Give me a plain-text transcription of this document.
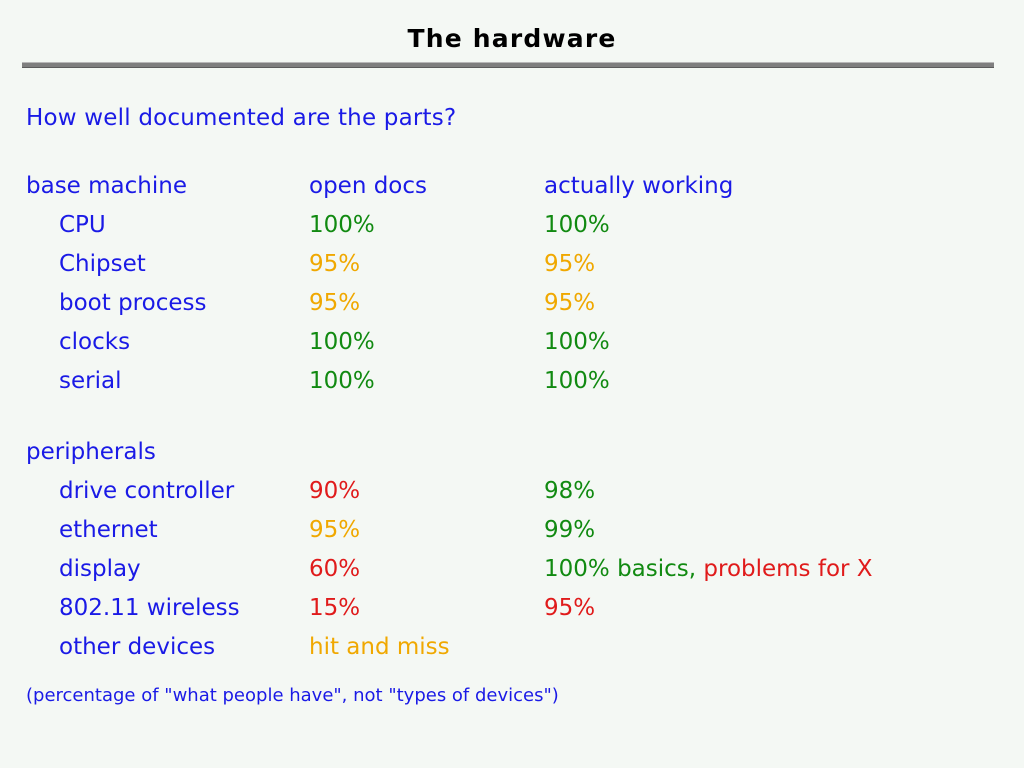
The hardware

How well documented are the parts?

base machine	open docs	actually working
CPU	100%	100%
Chipset	95%	95%
boot process	95%	95%
clocks	100%	100%
serial	100%	100%
peripherals		
drive controller	90%	98%
ethernet	95%	99%
display	60%	100% basics, problems for X
802.11 wireless	15%	95%
other devices	hit and miss	
(percentage of "what people have", not "types of devices")
